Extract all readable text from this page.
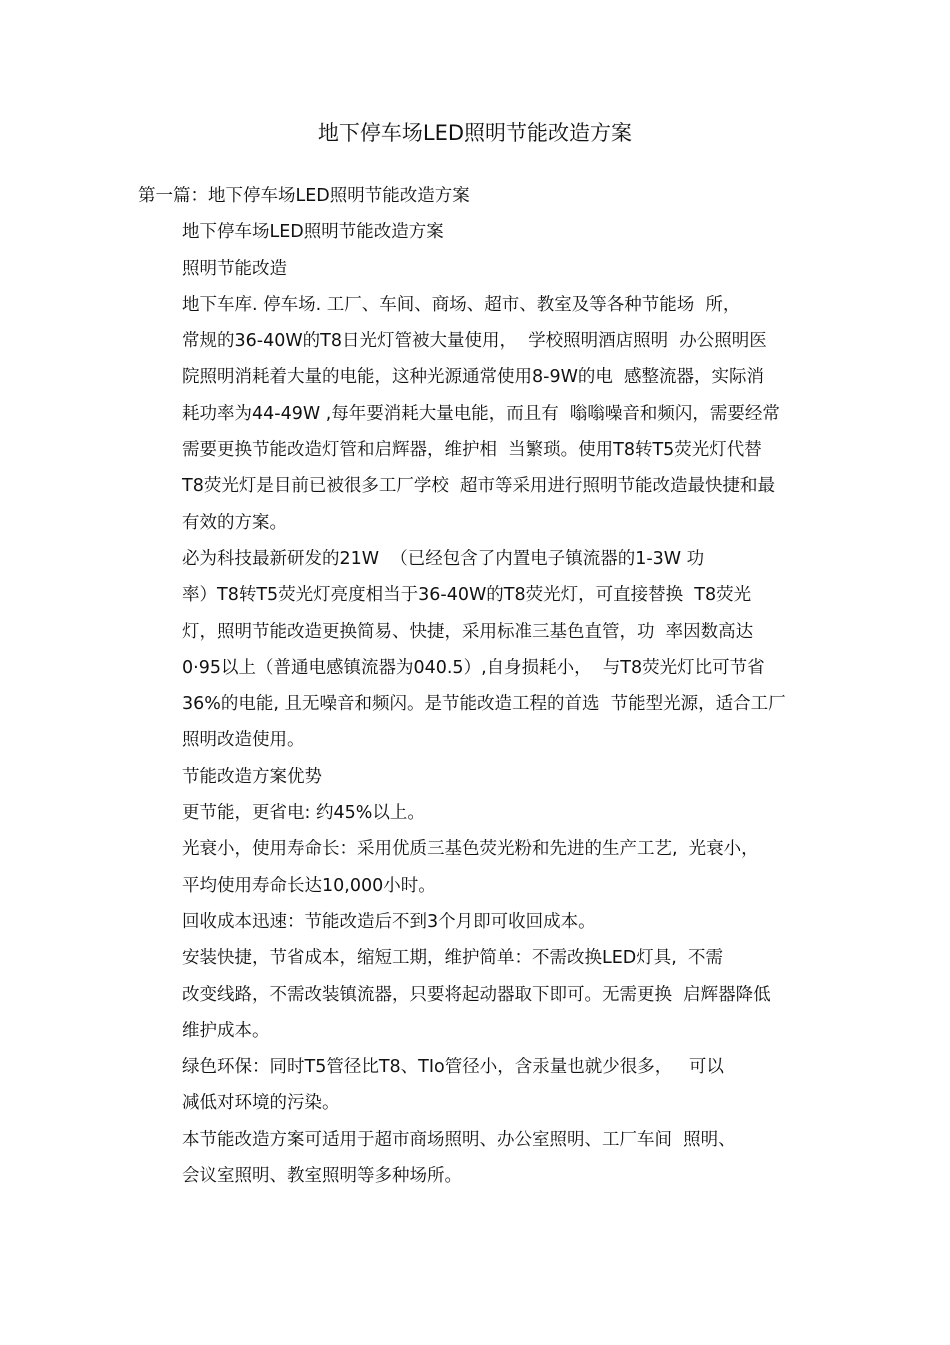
地下停车场LED照明节能改造方案

第一篇：地下停车场LED照明节能改造方案

地下停车场LED照明节能改造方案

照明节能改造

地下车库. 停车场. 工厂、车间、商场、超市、教室及等各种节能场  所，
常规的36-40W的T8日光灯管被大量使用，  学校照明酒店照明  办公照明医
院照明消耗着大量的电能，这种光源通常使用8-9W的电  感整流器，实际消
耗功率为44-49W ,每年要消耗大量电能，而且有  嗡嗡噪音和频闪，需要经常
需要更换节能改造灯管和启辉器，维护相  当繁琐。使用T8转T5荧光灯代替
T8荧光灯是目前已被很多工厂学校  超市等采用进行照明节能改造最快捷和最
有效的方案。

必为科技最新研发的21W  （已经包含了内置电子镇流器的1-3W 功
率）T8转T5荧光灯亮度相当于36-40W的T8荧光灯，可直接替换  T8荧光
灯，照明节能改造更换简易、快捷，采用标准三基色直管，功  率因数高达
0·95以上（普通电感镇流器为040.5）,自身损耗小，  与T8荧光灯比可节省
36%的电能, 且无噪音和频闪。是节能改造工程的首选  节能型光源，适合工厂
照明改造使用。

节能改造方案优势

更节能，更省电: 约45%以上。

光衰小，使用寿命长：采用优质三基色荧光粉和先进的生产工艺,  光衰小，
平均使用寿命长达10,000小时。

回收成本迅速：节能改造后不到3个月即可收回成本。

安装快捷，节省成本，缩短工期，维护简单：不需改换LED灯具,  不需
改变线路，不需改装镇流器，只要将起动器取下即可。无需更换  启辉器降低
维护成本。

绿色环保：同时T5管径比T8、TIo管径小，含汞量也就少很多，   可以
减低对环境的污染。

本节能改造方案可适用于超市商场照明、办公室照明、工厂车间  照明、
会议室照明、教室照明等多种场所。
